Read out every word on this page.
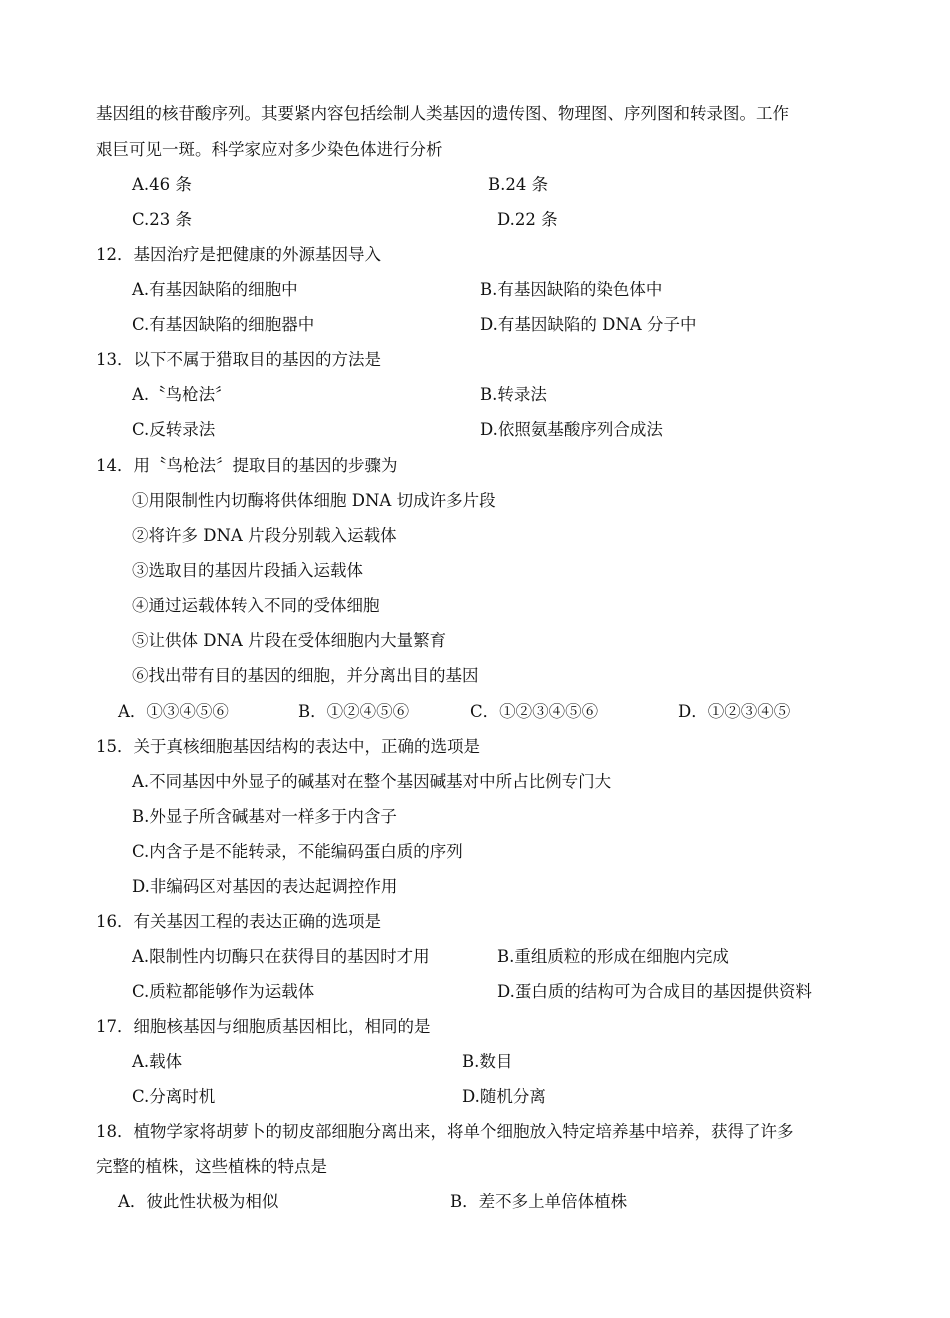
基因组的核苷酸序列。其要紧内容包括绘制人类基因的遗传图、物理图、序列图和转录图。工作
艰巨可见一斑。科学家应对多少染色体进行分析
A.46 条	B.24 条
C.23 条	D.22 条
12．基因治疗是把健康的外源基因导入
A.有基因缺陷的细胞中	B.有基因缺陷的染色体中
C.有基因缺陷的细胞器中	D.有基因缺陷的 DNA 分子中
13．以下不属于猎取目的基因的方法是
A.〝鸟枪法〞	B.转录法
C.反转录法	D.依照氨基酸序列合成法
14．用〝鸟枪法〞提取目的基因的步骤为
①用限制性内切酶将供体细胞 DNA 切成许多片段
②将许多 DNA 片段分别载入运载体
③选取目的基因片段插入运载体
④通过运载体转入不同的受体细胞
⑤让供体 DNA 片段在受体细胞内大量繁育
⑥找出带有目的基因的细胞，并分离出目的基因
A．①③④⑤⑥	B．①②④⑤⑥	C．①②③④⑤⑥	D．①②③④⑤
15．关于真核细胞基因结构的表达中，正确的选项是
A.不同基因中外显子的碱基对在整个基因碱基对中所占比例专门大
B.外显子所含碱基对一样多于内含子
C.内含子是不能转录，不能编码蛋白质的序列
D.非编码区对基因的表达起调控作用
16．有关基因工程的表达正确的选项是
A.限制性内切酶只在获得目的基因时才用	B.重组质粒的形成在细胞内完成
C.质粒都能够作为运载体	D.蛋白质的结构可为合成目的基因提供资料
17．细胞核基因与细胞质基因相比，相同的是
A.载体	B.数目
C.分离时机	D.随机分离
18．植物学家将胡萝卜的韧皮部细胞分离出来，将单个细胞放入特定培养基中培养，获得了许多
完整的植株，这些植株的特点是
A．彼此性状极为相似	B．差不多上单倍体植株
